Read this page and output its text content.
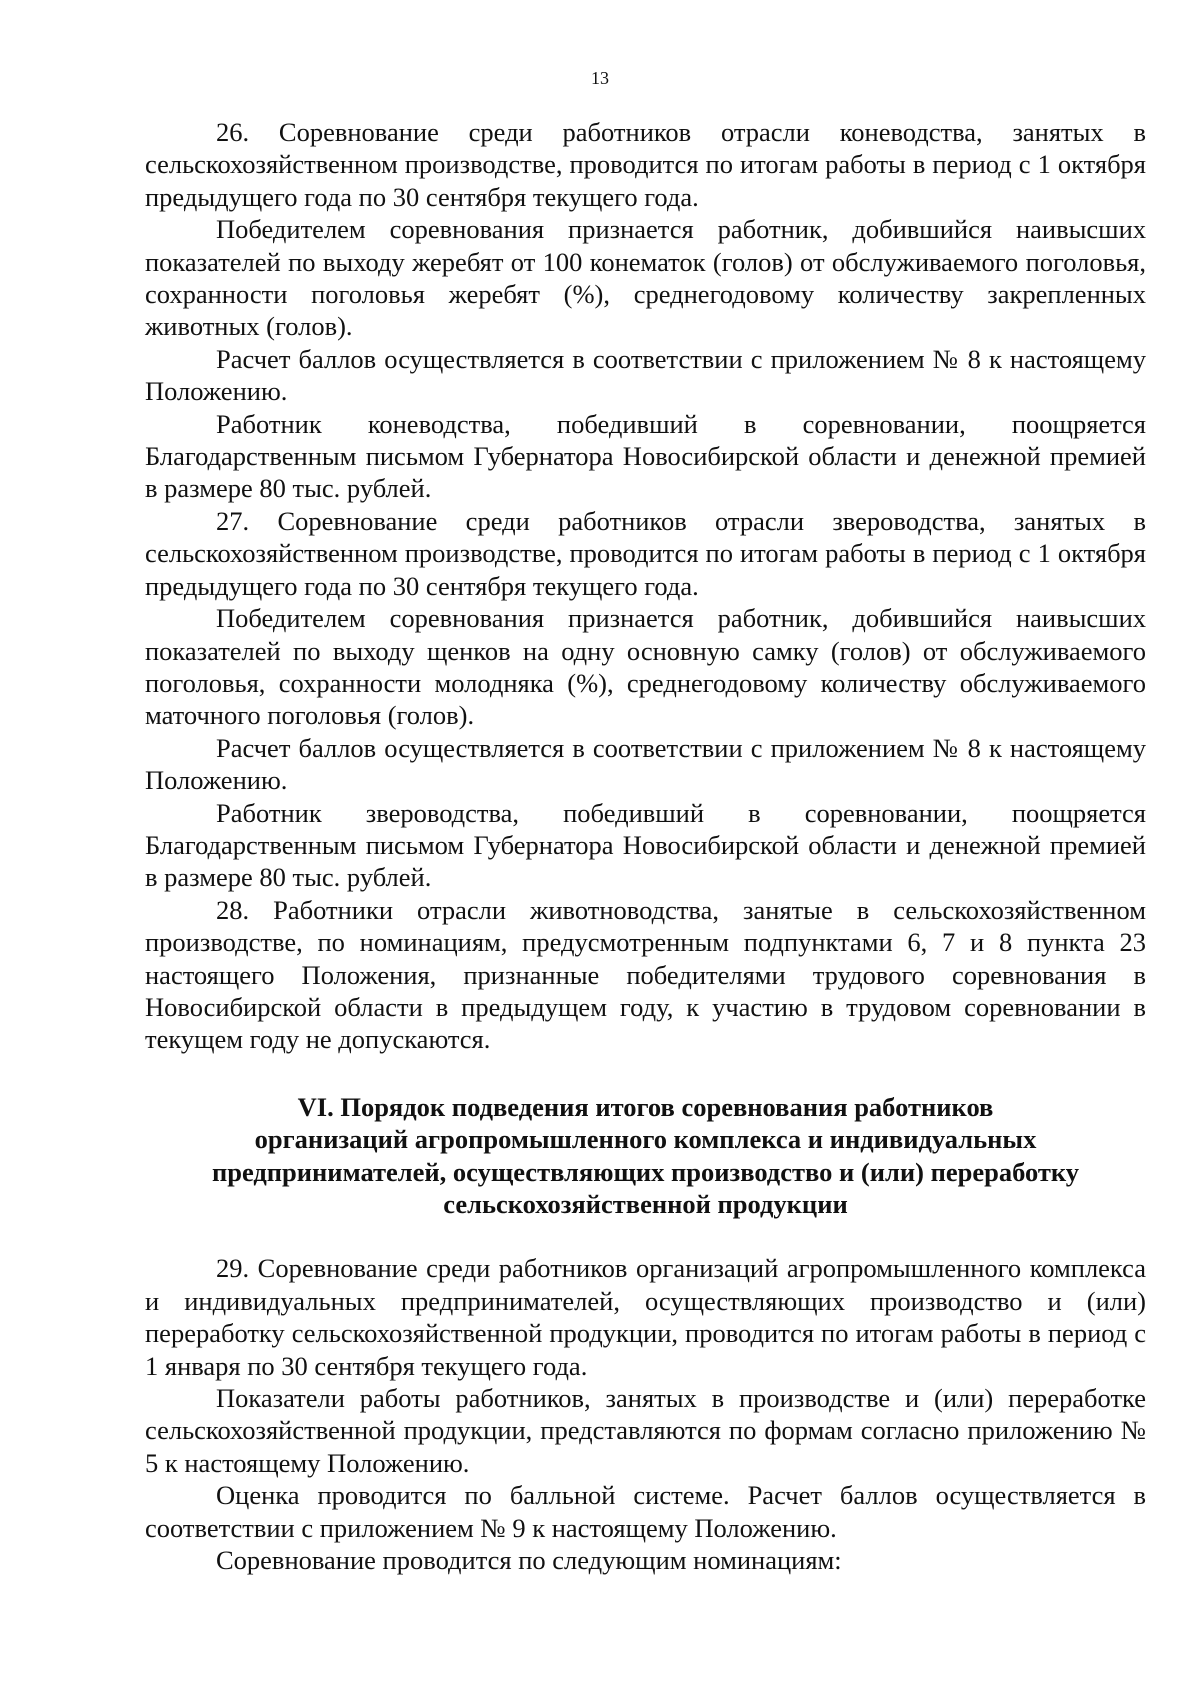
13

26. Соревнование среди работников отрасли коневодства, занятых в сельскохозяйственном производстве, проводится по итогам работы в период с 1 октября предыдущего года по 30 сентября текущего года.

Победителем соревнования признается работник, добившийся наивысших показателей по выходу жеребят от 100 конематок (голов) от обслуживаемого поголовья, сохранности поголовья жеребят (%), среднегодовому количеству закрепленных животных (голов).

Расчет баллов осуществляется в соответствии с приложением № 8 к настоящему Положению.

Работник коневодства, победивший в соревновании, поощряется Благодарственным письмом Губернатора Новосибирской области и денежной премией в размере 80 тыс. рублей.

27. Соревнование среди работников отрасли звероводства, занятых в сельскохозяйственном производстве, проводится по итогам работы в период с 1 октября предыдущего года по 30 сентября текущего года.

Победителем соревнования признается работник, добившийся наивысших показателей по выходу щенков на одну основную самку (голов) от обслуживаемого поголовья, сохранности молодняка (%), среднегодовому количеству обслуживаемого маточного поголовья (голов).

Расчет баллов осуществляется в соответствии с приложением № 8 к настоящему Положению.

Работник звероводства, победивший в соревновании, поощряется Благодарственным письмом Губернатора Новосибирской области и денежной премией в размере 80 тыс. рублей.

28. Работники отрасли животноводства, занятые в сельскохозяйственном производстве, по номинациям, предусмотренным подпунктами 6, 7 и 8 пункта 23 настоящего Положения, признанные победителями трудового соревнования в Новосибирской области в предыдущем году, к участию в трудовом соревновании в текущем году не допускаются.

VI. Порядок подведения итогов соревнования работников
организаций агропромышленного комплекса и индивидуальных
предпринимателей, осуществляющих производство и (или) переработку
сельскохозяйственной продукции

29. Соревнование среди работников организаций агропромышленного комплекса и индивидуальных предпринимателей, осуществляющих производство и (или) переработку сельскохозяйственной продукции, проводится по итогам работы в период с 1 января по 30 сентября текущего года.

Показатели работы работников, занятых в производстве и (или) переработке сельскохозяйственной продукции, представляются по формам согласно приложению № 5 к настоящему Положению.

Оценка проводится по балльной системе. Расчет баллов осуществляется в соответствии с приложением № 9 к настоящему Положению.

Соревнование проводится по следующим номинациям:
